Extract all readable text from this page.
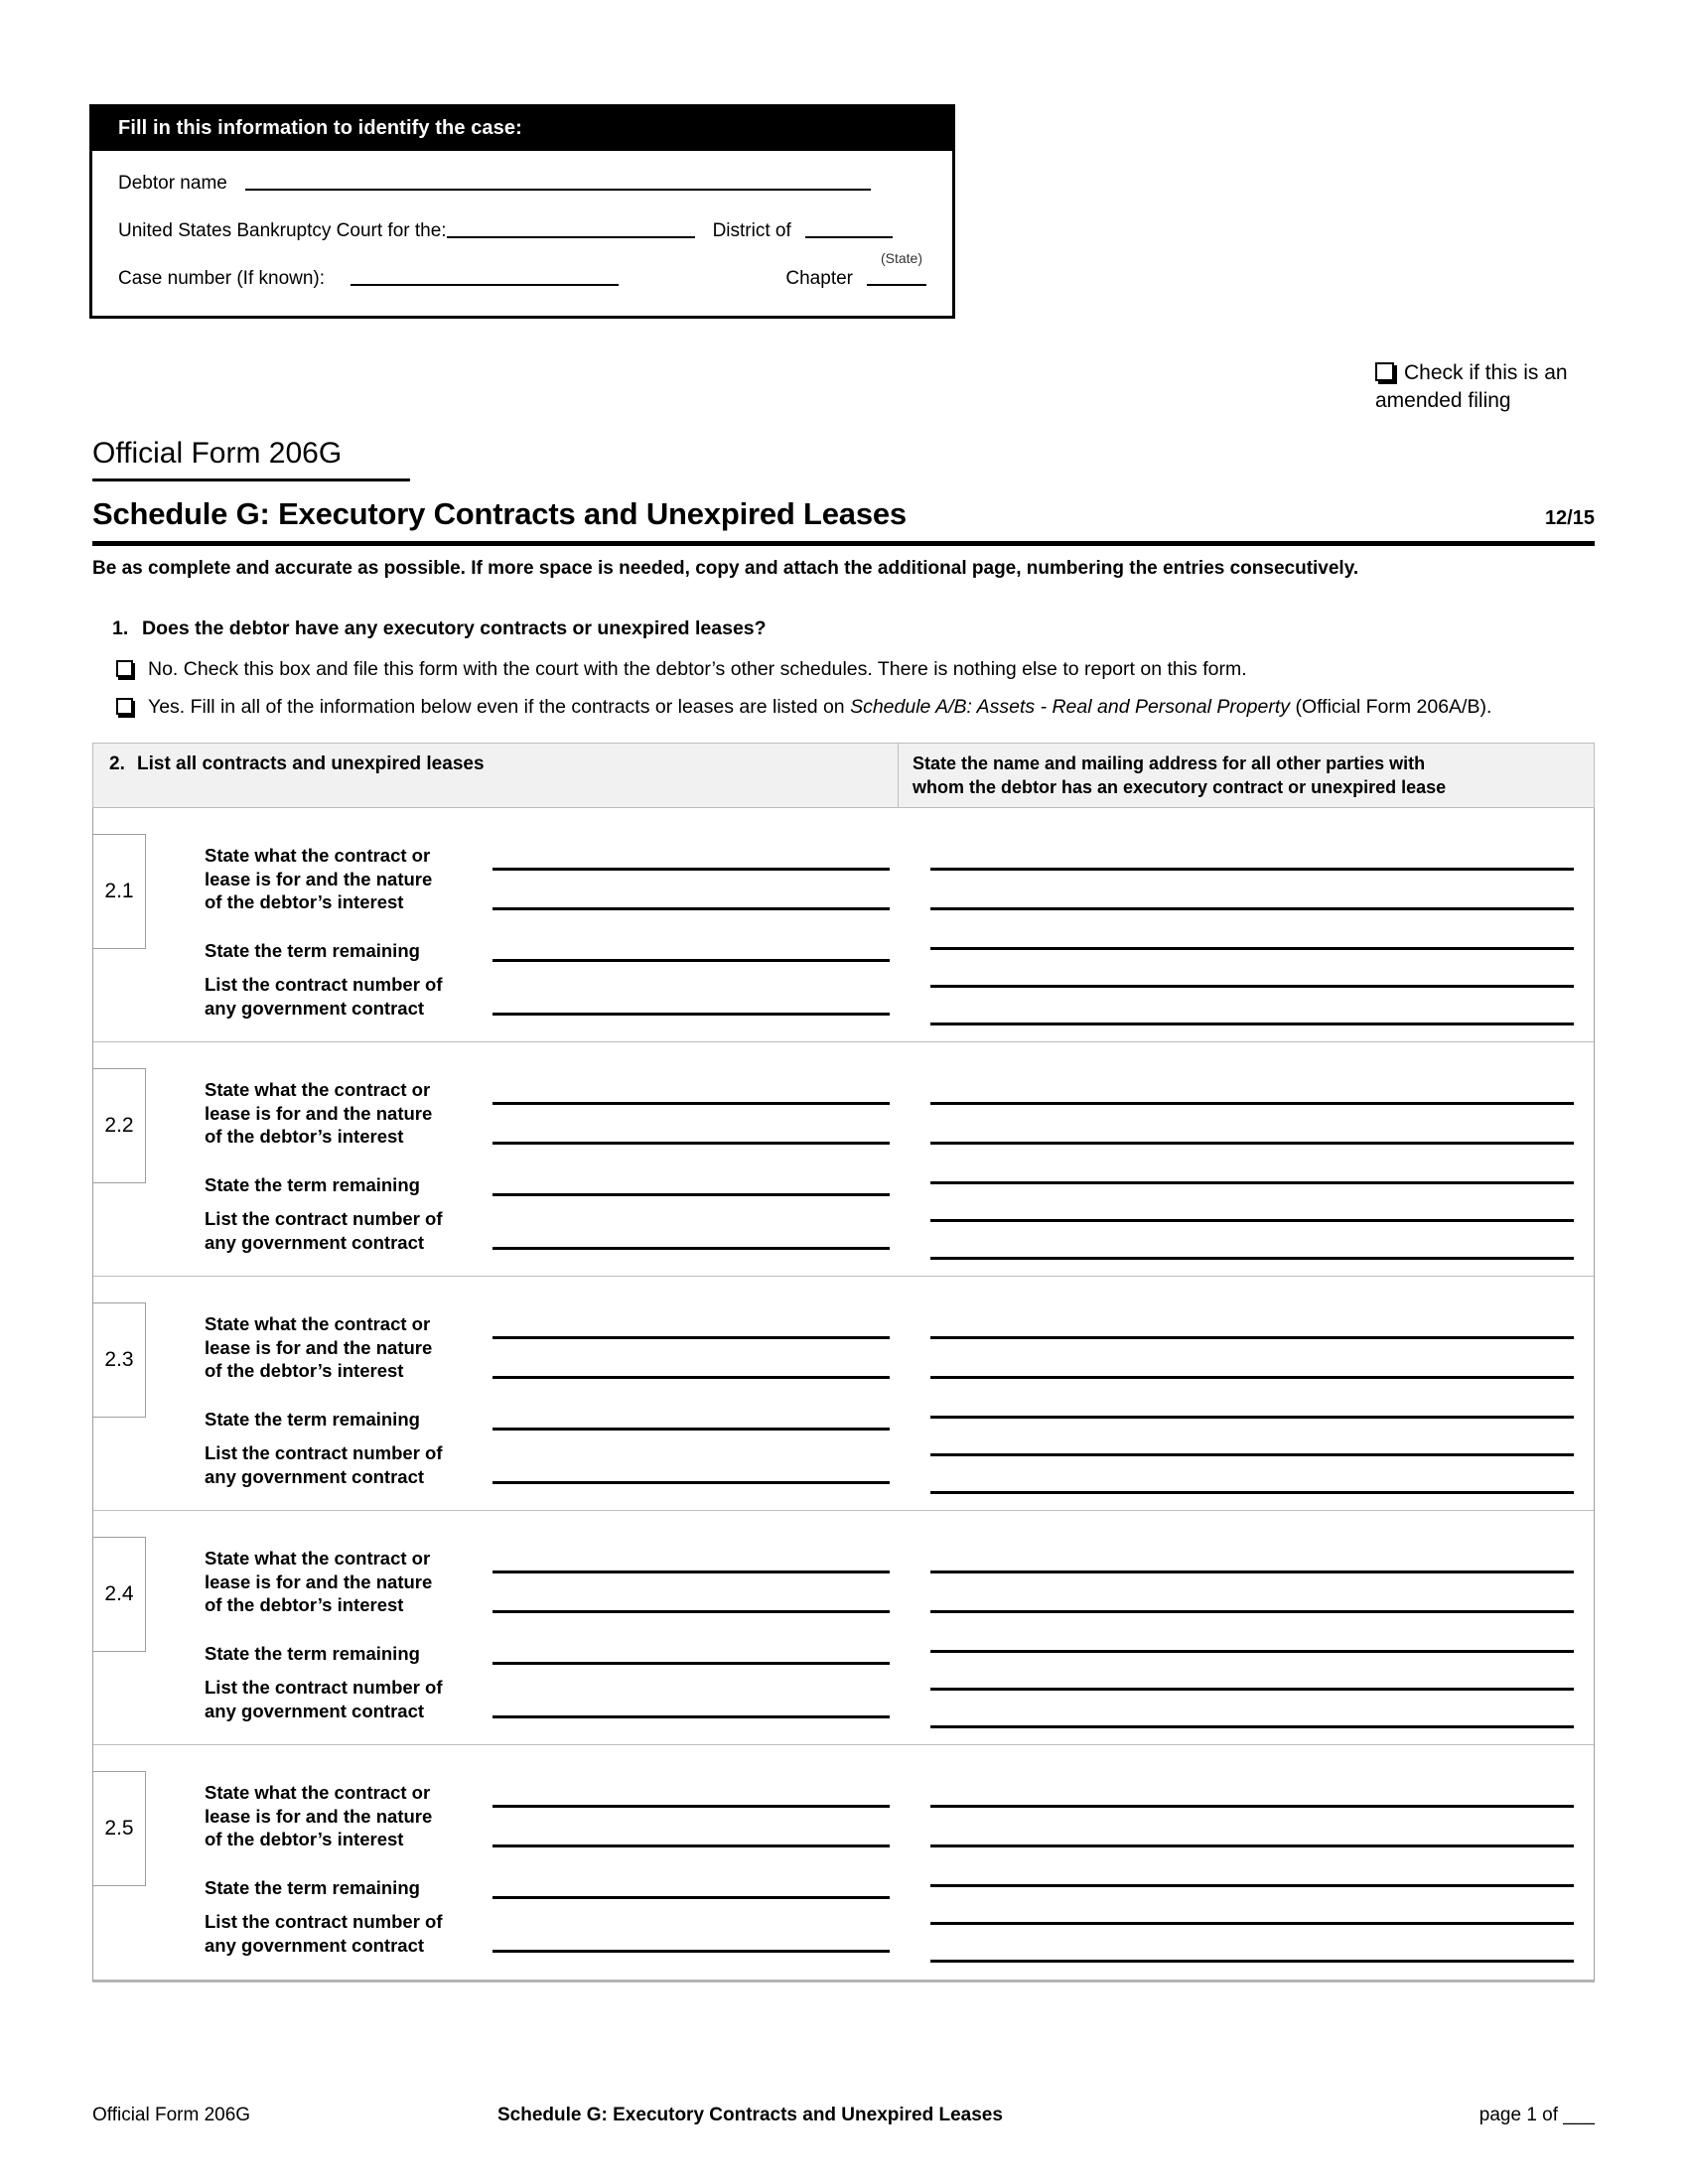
Fill in this information to identify the case:
Debtor name
United States Bankruptcy Court for the:	District of
(State)
Case number (If known):	Chapter
Check if this is an amended filing
Official Form 206G
Schedule G: Executory Contracts and Unexpired Leases	12/15
Be as complete and accurate as possible. If more space is needed, copy and attach the additional page, numbering the entries consecutively.
1. Does the debtor have any executory contracts or unexpired leases?
No. Check this box and file this form with the court with the debtor’s other schedules. There is nothing else to report on this form.
Yes. Fill in all of the information below even if the contracts or leases are listed on Schedule A/B: Assets - Real and Personal Property (Official Form 206A/B).
2. List all contracts and unexpired leases	State the name and mailing address for all other parties with
whom the debtor has an executory contract or unexpired lease
2.1
State what the contract or
lease is for and the nature
of the debtor’s interest
State the term remaining
List the contract number of
any government contract
2.2
State what the contract or
lease is for and the nature
of the debtor’s interest
State the term remaining
List the contract number of
any government contract
2.3
State what the contract or
lease is for and the nature
of the debtor’s interest
State the term remaining
List the contract number of
any government contract
2.4
State what the contract or
lease is for and the nature
of the debtor’s interest
State the term remaining
List the contract number of
any government contract
2.5
State what the contract or
lease is for and the nature
of the debtor’s interest
State the term remaining
List the contract number of
any government contract
Official Form 206G	Schedule G: Executory Contracts and Unexpired Leases	page 1 of ___
